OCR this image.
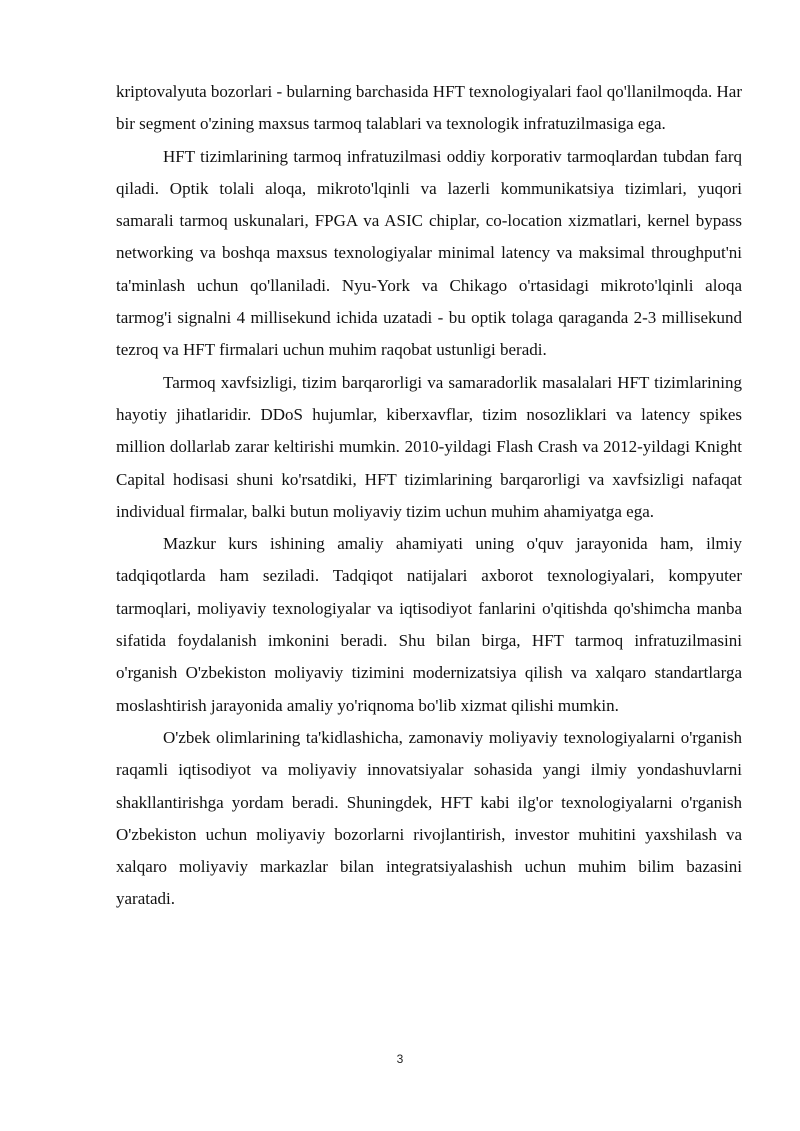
kriptovalyuta bozorlari - bularning barchasida HFT texnologiyalari faol qo'llanilmoqda. Har bir segment o'zining maxsus tarmoq talablari va texnologik infratuzilmasiga ega.

HFT tizimlarining tarmoq infratuzilmasi oddiy korporativ tarmoqlardan tubdan farq qiladi. Optik tolali aloqa, mikroto'lqinli va lazerli kommunikatsiya tizimlari, yuqori samarali tarmoq uskunalari, FPGA va ASIC chiplar, co-location xizmatlari, kernel bypass networking va boshqa maxsus texnologiyalar minimal latency va maksimal throughput'ni ta'minlash uchun qo'llaniladi. Nyu-York va Chikago o'rtasidagi mikroto'lqinli aloqa tarmog'i signalni 4 millisekund ichida uzatadi - bu optik tolaga qaraganda 2-3 millisekund tezroq va HFT firmalari uchun muhim raqobat ustunligi beradi.

Tarmoq xavfsizligi, tizim barqarorligi va samaradorlik masalalari HFT tizimlarining hayotiy jihatlaridir. DDoS hujumlar, kiberxavflar, tizim nosozliklari va latency spikes million dollarlab zarar keltirishi mumkin. 2010-yildagi Flash Crash va 2012-yildagi Knight Capital hodisasi shuni ko'rsatdiki, HFT tizimlarining barqarorligi va xavfsizligi nafaqat individual firmalar, balki butun moliyaviy tizim uchun muhim ahamiyatga ega.

Mazkur kurs ishining amaliy ahamiyati uning o'quv jarayonida ham, ilmiy tadqiqotlarda ham seziladi. Tadqiqot natijalari axborot texnologiyalari, kompyuter tarmoqlari, moliyaviy texnologiyalar va iqtisodiyot fanlarini o'qitishda qo'shimcha manba sifatida foydalanish imkonini beradi. Shu bilan birga, HFT tarmoq infratuzilmasini o'rganish O'zbekiston moliyaviy tizimini modernizatsiya qilish va xalqaro standartlarga moslashtirish jarayonida amaliy yo'riqnoma bo'lib xizmat qilishi mumkin.

O'zbek olimlarining ta'kidlashicha, zamonaviy moliyaviy texnologiyalarni o'rganish raqamli iqtisodiyot va moliyaviy innovatsiyalar sohasida yangi ilmiy yondashuvlarni shakllantirishga yordam beradi. Shuningdek, HFT kabi ilg'or texnologiyalarni o'rganish O'zbekiston uchun moliyaviy bozorlarni rivojlantirish, investor muhitini yaxshilash va xalqaro moliyaviy markazlar bilan integratsiyalashish uchun muhim bilim bazasini yaratadi.

3
